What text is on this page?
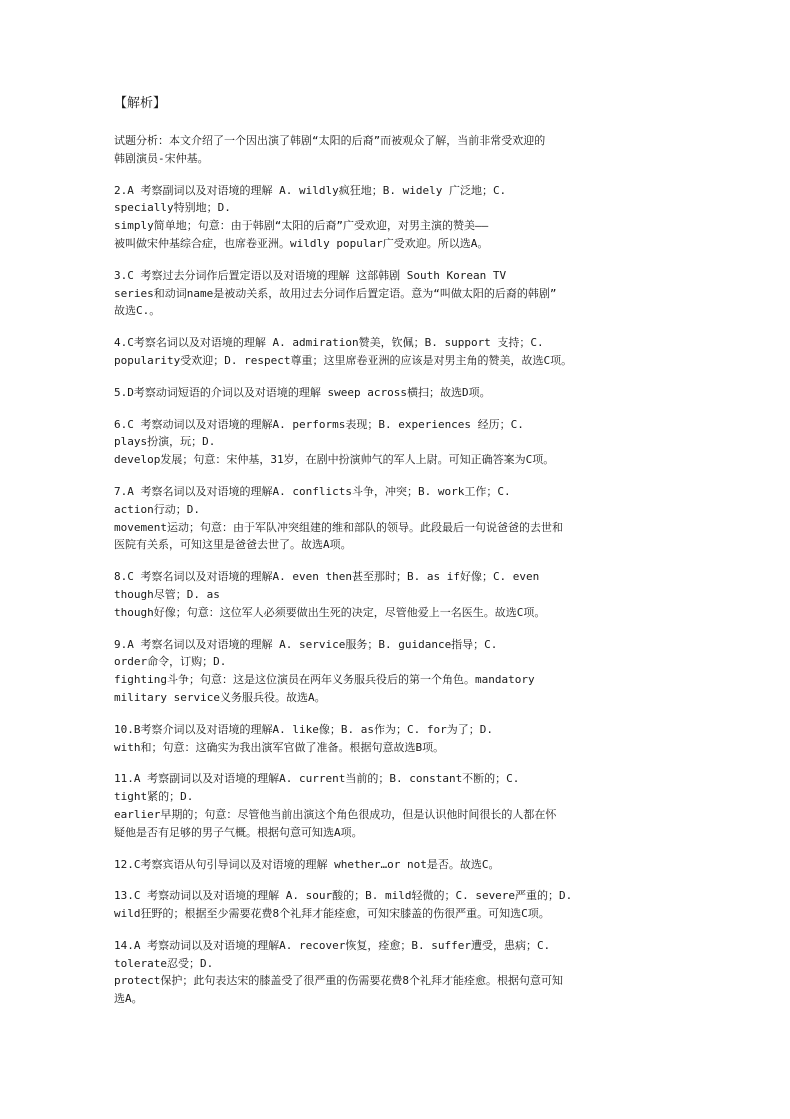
【解析】
试题分析：本文介绍了一个因出演了韩剧“太阳的后裔”而被观众了解，当前非常受欢迎的
韩剧演员-宋仲基。
2.A 考察副词以及对语境的理解 A. wildly疯狂地；B. widely 广泛地；C.
specially特别地；D.
simply简单地；句意：由于韩剧“太阳的后裔”广受欢迎，对男主演的赞美——
被叫做宋仲基综合症，也席卷亚洲。wildly popular广受欢迎。所以选A。
3.C 考察过去分词作后置定语以及对语境的理解 这部韩剧 South Korean TV
series和动词name是被动关系，故用过去分词作后置定语。意为“叫做太阳的后裔的韩剧”
故选C.。
4.C考察名词以及对语境的理解 A. admiration赞美，钦佩；B. support 支持；C.
popularity受欢迎；D. respect尊重；这里席卷亚洲的应该是对男主角的赞美，故选C项。
5.D考察动词短语的介词以及对语境的理解 sweep across横扫；故选D项。
6.C 考察动词以及对语境的理解A. performs表现；B. experiences 经历；C.
plays扮演，玩；D.
develop发展；句意：宋仲基，31岁，在剧中扮演帅气的军人上尉。可知正确答案为C项。
7.A 考察名词以及对语境的理解A. conflicts斗争，冲突；B. work工作；C.
action行动；D.
movement运动；句意：由于军队冲突组建的维和部队的领导。此段最后一句说爸爸的去世和
医院有关系，可知这里是爸爸去世了。故选A项。
8.C 考察名词以及对语境的理解A. even then甚至那时；B. as if好像；C. even
though尽管；D. as
though好像；句意：这位军人必须要做出生死的决定，尽管他爱上一名医生。故选C项。
9.A 考察名词以及对语境的理解 A. service服务；B. guidance指导；C.
order命令，订购；D.
fighting斗争；句意：这是这位演员在两年义务服兵役后的第一个角色。mandatory
military service义务服兵役。故选A。
10.B考察介词以及对语境的理解A. like像；B. as作为；C. for为了；D.
with和；句意：这确实为我出演军官做了准备。根据句意故选B项。
11.A 考察副词以及对语境的理解A. current当前的；B. constant不断的；C.
tight紧的；D.
earlier早期的；句意：尽管他当前出演这个角色很成功，但是认识他时间很长的人都在怀
疑他是否有足够的男子气概。根据句意可知选A项。
12.C考察宾语从句引导词以及对语境的理解 whether…or not是否。故选C。
13.C 考察动词以及对语境的理解 A. sour酸的；B. mild轻微的；C. severe严重的；D.
wild狂野的；根据至少需要花费8个礼拜才能痊愈，可知宋膝盖的伤很严重。可知选C项。
14.A 考察动词以及对语境的理解A. recover恢复，痊愈；B. suffer遭受，患病；C.
tolerate忍受；D.
protect保护；此句表达宋的膝盖受了很严重的伤需要花费8个礼拜才能痊愈。根据句意可知
选A。
